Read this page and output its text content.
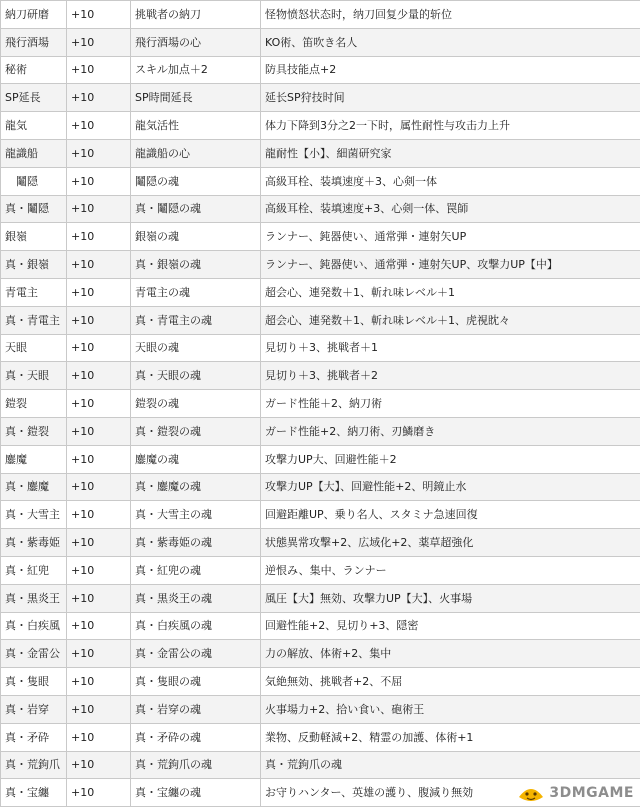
納刀研磨	+10	挑戦者の納刀	怪物愤怒状态时，纳刀回复少量的斩位
飛行酒場	+10	飛行酒場の心	KO術、笛吹き名人
秘術	+10	スキル加点＋2	防具技能点+2
SP延長	+10	SP時間延長	延长SP狩技时间
龍気	+10	龍気活性	体力下降到3分之2一下时，属性耐性与攻击力上升
龍識船	+10	龍識船の心	龍耐性【小】、細菌研究家
　鬮隠	+10	鬮隠の魂	高級耳栓、装填速度＋3、心剣一体
真・鬮隠	+10	真・鬮隠の魂	高級耳栓、装填速度+3、心剣一体、罠師
銀嶺	+10	銀嶺の魂	ランナー、鈍器使い、通常弾・連射矢UP
真・銀嶺	+10	真・銀嶺の魂	ランナー、鈍器使い、通常弾・連射矢UP、攻撃力UP【中】
青電主	+10	青電主の魂	超会心、連発数＋1、斬れ味レベル＋1
真・青電主	+10	真・青電主の魂	超会心、連発数＋1、斬れ味レベル＋1、虎視眈々
天眼	+10	天眼の魂	見切り＋3、挑戦者＋1
真・天眼	+10	真・天眼の魂	見切り＋3、挑戦者＋2
鎧裂	+10	鎧裂の魂	ガード性能＋2、納刀術
真・鎧裂	+10	真・鎧裂の魂	ガード性能+2、納刀術、刃鱗磨き
鏖魔	+10	鏖魔の魂	攻撃力UP大、回避性能＋2
真・鏖魔	+10	真・鏖魔の魂	攻撃力UP【大】、回避性能+2、明鏡止水
真・大雪主	+10	真・大雪主の魂	回避距離UP、乗り名人、スタミナ急速回復
真・紫毒姫	+10	真・紫毒姫の魂	状態異常攻撃+2、広域化+2、薬草超強化
真・紅兜	+10	真・紅兜の魂	逆恨み、集中、ランナー
真・黒炎王	+10	真・黒炎王の魂	風圧【大】無効、攻撃力UP【大】、火事場
真・白疾風	+10	真・白疾風の魂	回避性能+2、見切り+3、隠密
真・金雷公	+10	真・金雷公の魂	力の解放、体術+2、集中
真・隻眼	+10	真・隻眼の魂	気絶無効、挑戦者+2、不屈
真・岩穿	+10	真・岩穿の魂	火事場力+2、拾い食い、砲術王
真・矛砕	+10	真・矛砕の魂	業物、反動軽減+2、精霊の加護、体術+1
真・荒鉤爪	+10	真・荒鉤爪の魂	真・荒鉤爪の魂
真・宝纏	+10	真・宝纏の魂	お守りハンター、英雄の護り、腹減り無効	3DMGAME
